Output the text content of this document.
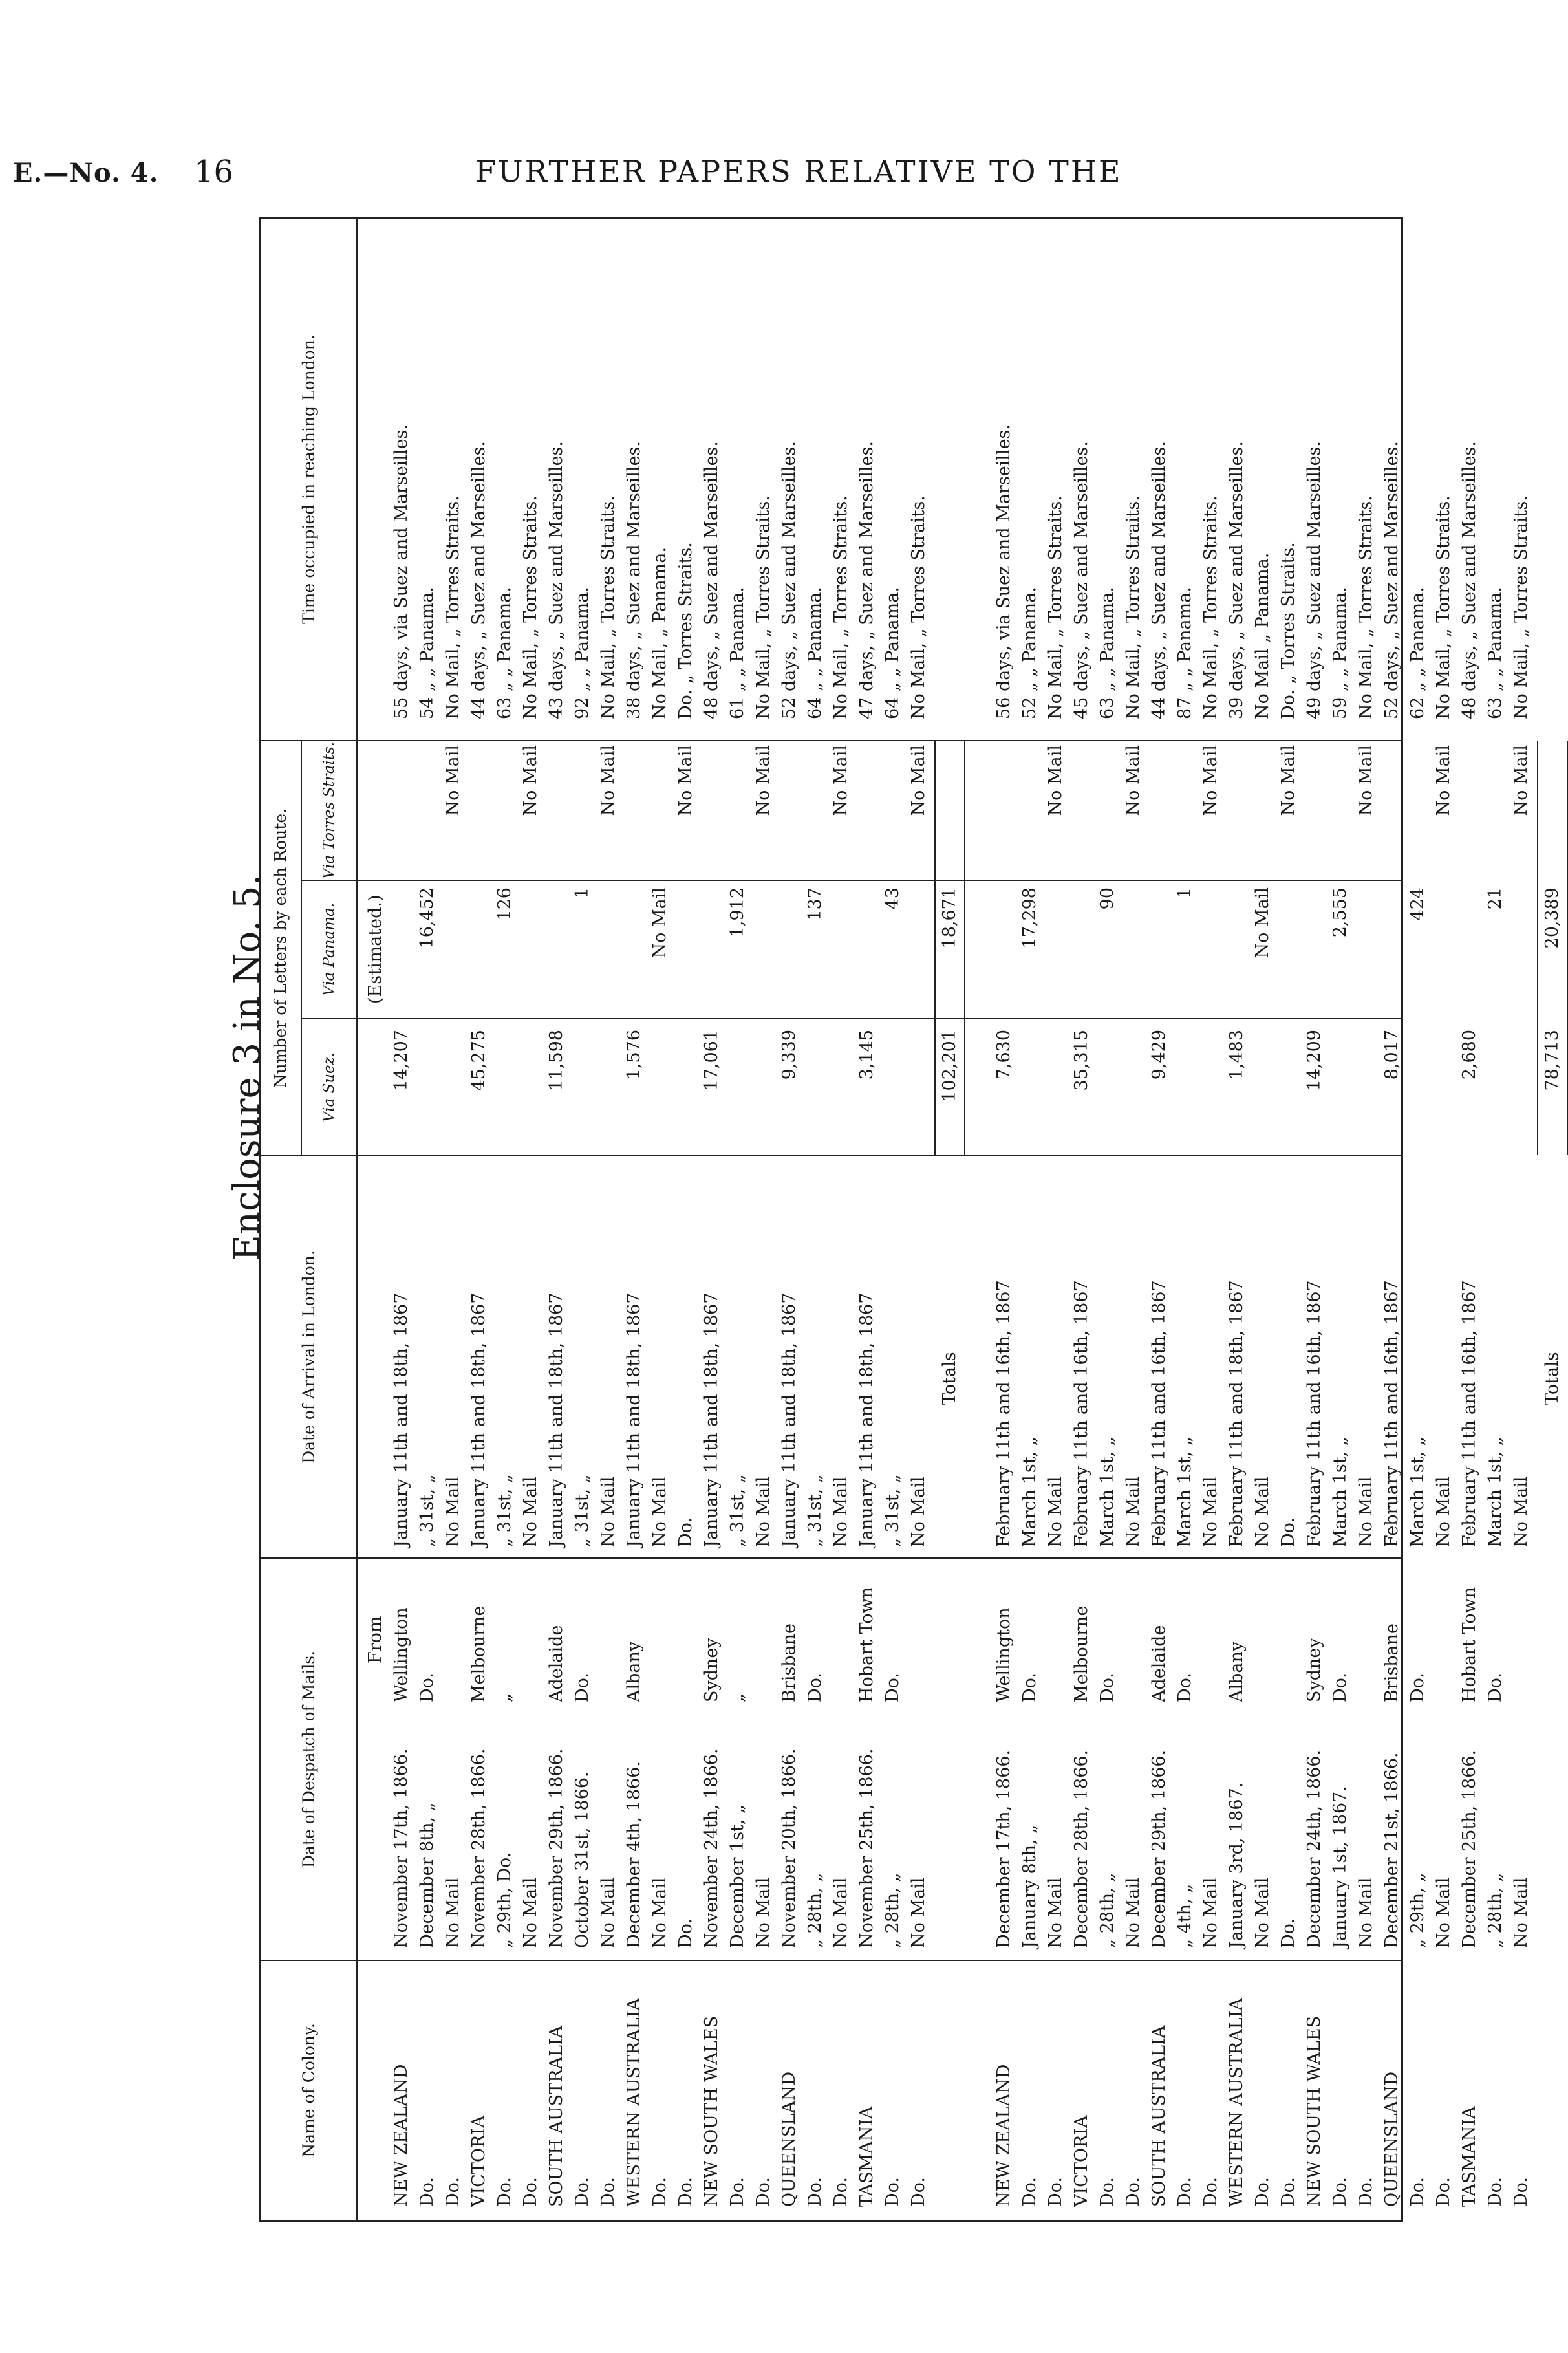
E.—No. 4. 16	FURTHER PAPERS RELATIVE TO THE
Enclosure 3 in No. 5.
Name of Colony.
Date of Despatch of Mails.
Date of Arrival in London.
Number of Letters by each Route.	Via Suez.
Via Panama.
Via Torres Straits.
Time occupied in reaching London.
From
(Estimated.)
NEW ZEALAND
November 17th, 1866.
Wellington
January 11th and 18th, 1867
14,207
55 days, via Suez and Marseilles.
Do.
December 8th, „
Do.
„ 31st, „
16,452
54 „ „ Panama.
Do.
No Mail
No Mail
No Mail
No Mail, „ Torres Straits.
VICTORIA
November 28th, 1866.
Melbourne
January 11th and 18th, 1867
45,275
44 days, „ Suez and Marseilles.
Do.
„ 29th, Do.
„
„ 31st, „
126
63 „ „ Panama.
Do.
No Mail
No Mail
No Mail
No Mail, „ Torres Straits.
SOUTH AUSTRALIA
November 29th, 1866.
Adelaide
January 11th and 18th, 1867
11,598
43 days, „ Suez and Marseilles.
Do.
October 31st, 1866.
Do.
„ 31st, „
1
92 „ „ Panama.
Do.
No Mail
No Mail
No Mail
No Mail, „ Torres Straits.
WESTERN AUSTRALIA
December 4th, 1866.
Albany
January 11th and 18th, 1867
1,576
38 days, „ Suez and Marseilles.
Do.
No Mail
No Mail
No Mail
No Mail, „ Panama.
Do.
Do.
Do.
No Mail
Do. „ Torres Straits.
NEW SOUTH WALES
November 24th, 1866.
Sydney
January 11th and 18th, 1867
17,061
48 days, „ Suez and Marseilles.
Do.
December 1st, „
„
„ 31st, „
1,912
61 „ „ Panama.
Do.
No Mail
No Mail
No Mail
No Mail, „ Torres Straits.
QUEENSLAND
November 20th, 1866.
Brisbane
January 11th and 18th, 1867
9,339
52 days, „ Suez and Marseilles.
Do.
„ 28th, „
Do.
„ 31st, „
137
64 „ „ Panama.
Do.
No Mail
No Mail
No Mail
No Mail, „ Torres Straits.
TASMANIA
November 25th, 1866.
Hobart Town
January 11th and 18th, 1867
3,145
47 days, „ Suez and Marseilles.
Do.
„ 28th, „
Do.
„ 31st, „
43
64 „ „ Panama.
Do.
No Mail
No Mail
No Mail
No Mail, „ Torres Straits.
Totals
102,201
18,671
NEW ZEALAND
December 17th, 1866.
Wellington
February 11th and 16th, 1867
7,630
56 days, via Suez and Marseilles.
Do.
January 8th, „
Do.
March 1st, „
17,298
52 „ „ Panama.
Do.
No Mail
No Mail
No Mail
No Mail, „ Torres Straits.
VICTORIA
December 28th, 1866.
Melbourne
February 11th and 16th, 1867
35,315
45 days, „ Suez and Marseilles.
Do.
„ 28th, „
Do.
March 1st, „
90
63 „ „ Panama.
Do.
No Mail
No Mail
No Mail
No Mail, „ Torres Straits.
SOUTH AUSTRALIA
December 29th, 1866.
Adelaide
February 11th and 16th, 1867
9,429
44 days, „ Suez and Marseilles.
Do.
„ 4th, „
Do.
March 1st, „
1
87 „ „ Panama.
Do.
No Mail
No Mail
No Mail
No Mail, „ Torres Straits.
WESTERN AUSTRALIA
January 3rd, 1867.
Albany
February 11th and 18th, 1867
1,483
39 days, „ Suez and Marseilles.
Do.
No Mail
No Mail
No Mail
No Mail „ Panama.
Do.
Do.
Do.
No Mail
Do. „ Torres Straits.
NEW SOUTH WALES
December 24th, 1866.
Sydney
February 11th and 16th, 1867
14,209
49 days, „ Suez and Marseilles.
Do.
January 1st, 1867.
Do.
March 1st, „
2,555
59 „ „ Panama.
Do.
No Mail
No Mail
No Mail
No Mail, „ Torres Straits.
QUEENSLAND
December 21st, 1866.
Brisbane
February 11th and 16th, 1867
8,017
52 days, „ Suez and Marseilles.
Do.
„ 29th, „
Do.
March 1st, „
424
62 „ „ Panama.
Do.
No Mail
No Mail
No Mail
No Mail, „ Torres Straits.
TASMANIA
December 25th, 1866.
Hobart Town
February 11th and 16th, 1867
2,680
48 days, „ Suez and Marseilles.
Do.
„ 28th, „
Do.
March 1st, „
21
63 „ „ Panama.
Do.
No Mail
No Mail
No Mail
No Mail, „ Torres Straits.
Totals
78,713
20,389
